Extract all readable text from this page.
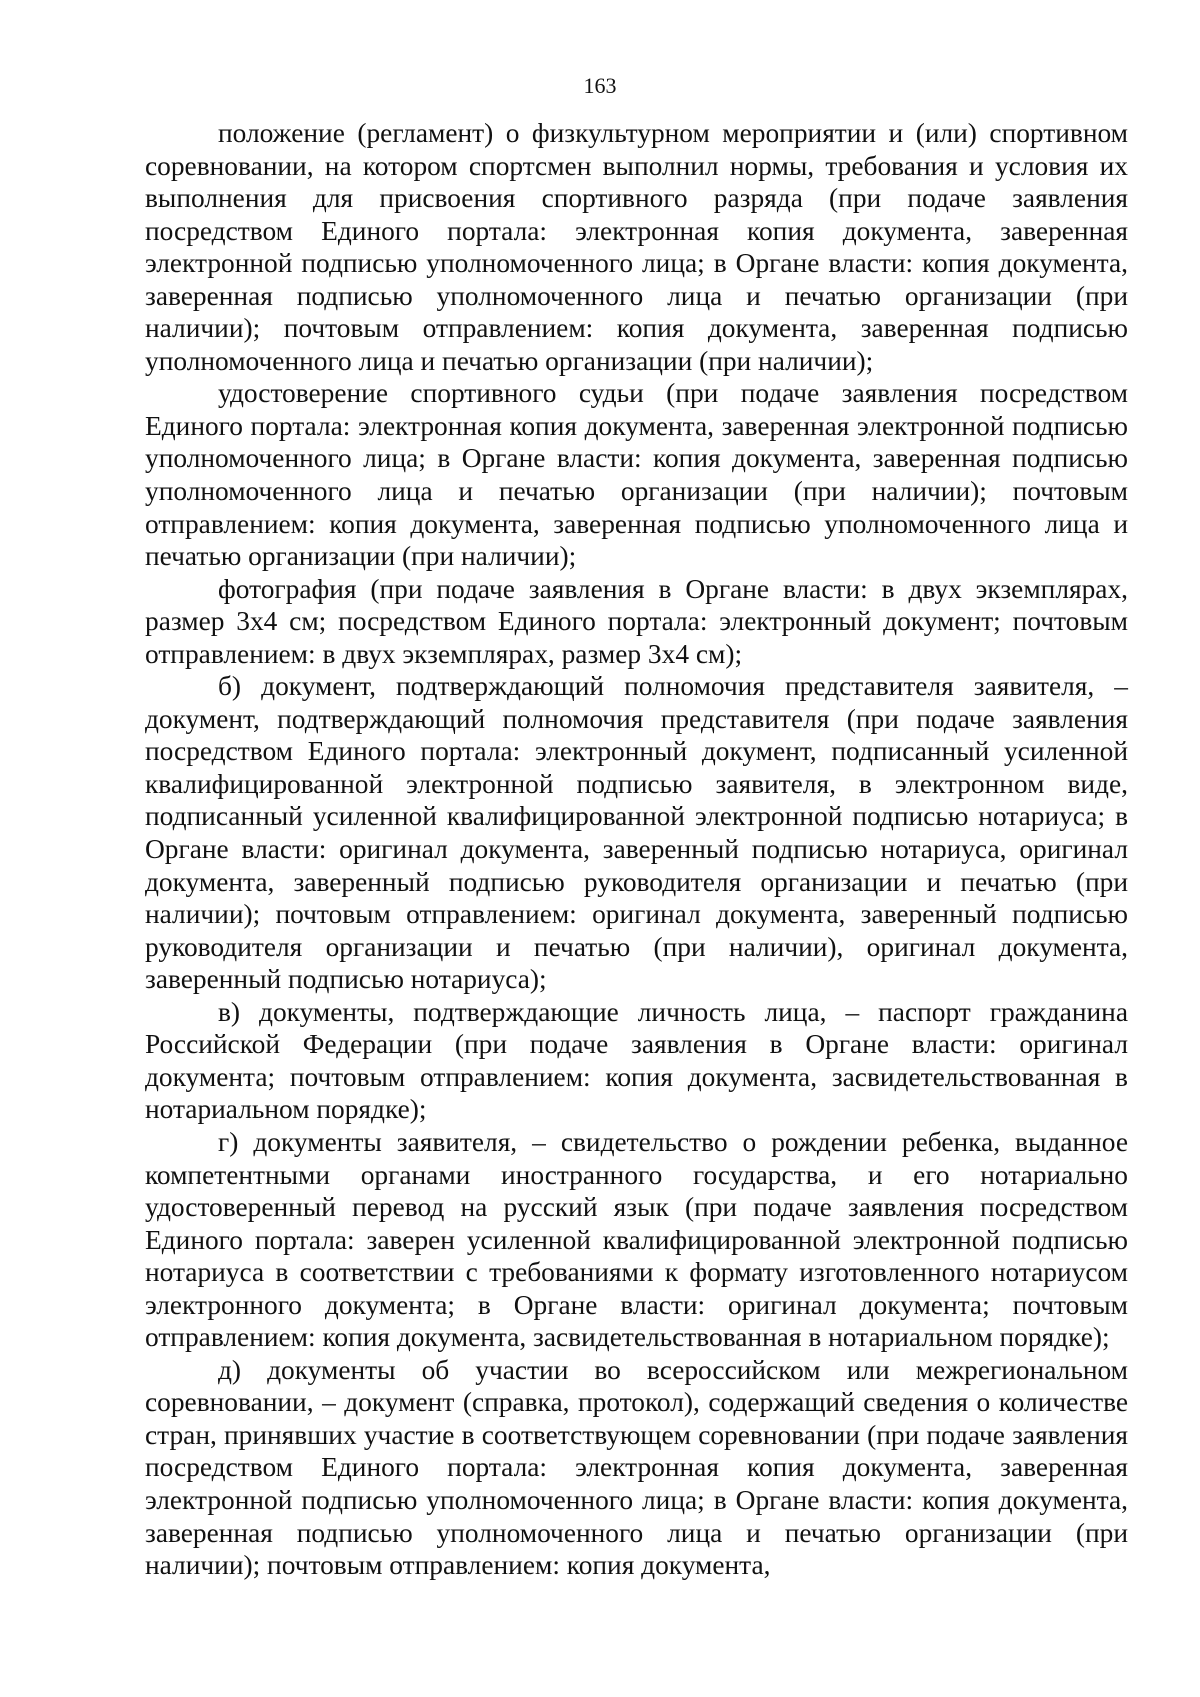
163

положение (регламент) о физкультурном мероприятии и (или) спортивном соревновании, на котором спортсмен выполнил нормы, требования и условия их выполнения для присвоения спортивного разряда (при подаче заявления посредством Единого портала: электронная копия документа, заверенная электронной подписью уполномоченного лица; в Органе власти: копия документа, заверенная подписью уполномоченного лица и печатью организации (при наличии); почтовым отправлением: копия документа, заверенная подписью уполномоченного лица и печатью организации (при наличии);

удостоверение спортивного судьи (при подаче заявления посредством Единого портала: электронная копия документа, заверенная электронной подписью уполномоченного лица; в Органе власти: копия документа, заверенная подписью уполномоченного лица и печатью организации (при наличии); почтовым отправлением: копия документа, заверенная подписью уполномоченного лица и печатью организации (при наличии);

фотография (при подаче заявления в Органе власти: в двух экземплярах, размер 3х4 см; посредством Единого портала: электронный документ; почтовым отправлением: в двух экземплярах, размер 3х4 см);

б) документ, подтверждающий полномочия представителя заявителя, – документ, подтверждающий полномочия представителя (при подаче заявления посредством Единого портала: электронный документ, подписанный усиленной квалифицированной электронной подписью заявителя, в электронном виде, подписанный усиленной квалифицированной электронной подписью нотариуса; в Органе власти: оригинал документа, заверенный подписью нотариуса, оригинал документа, заверенный подписью руководителя организации и печатью (при наличии); почтовым отправлением: оригинал документа, заверенный подписью руководителя организации и печатью (при наличии), оригинал документа, заверенный подписью нотариуса);

в) документы, подтверждающие личность лица, – паспорт гражданина Российской Федерации (при подаче заявления в Органе власти: оригинал документа; почтовым отправлением: копия документа, засвидетельствованная в нотариальном порядке);

г) документы заявителя, – свидетельство о рождении ребенка, выданное компетентными органами иностранного государства, и его нотариально удостоверенный перевод на русский язык (при подаче заявления посредством Единого портала: заверен усиленной квалифицированной электронной подписью нотариуса в соответствии с требованиями к формату изготовленного нотариусом электронного документа; в Органе власти: оригинал документа; почтовым отправлением: копия документа, засвидетельствованная в нотариальном порядке);

д) документы об участии во всероссийском или межрегиональном соревновании, – документ (справка, протокол), содержащий сведения о количестве стран, принявших участие в соответствующем соревновании (при подаче заявления посредством Единого портала: электронная копия документа, заверенная электронной подписью уполномоченного лица; в Органе власти: копия документа, заверенная подписью уполномоченного лица и печатью организации (при наличии); почтовым отправлением: копия документа,
